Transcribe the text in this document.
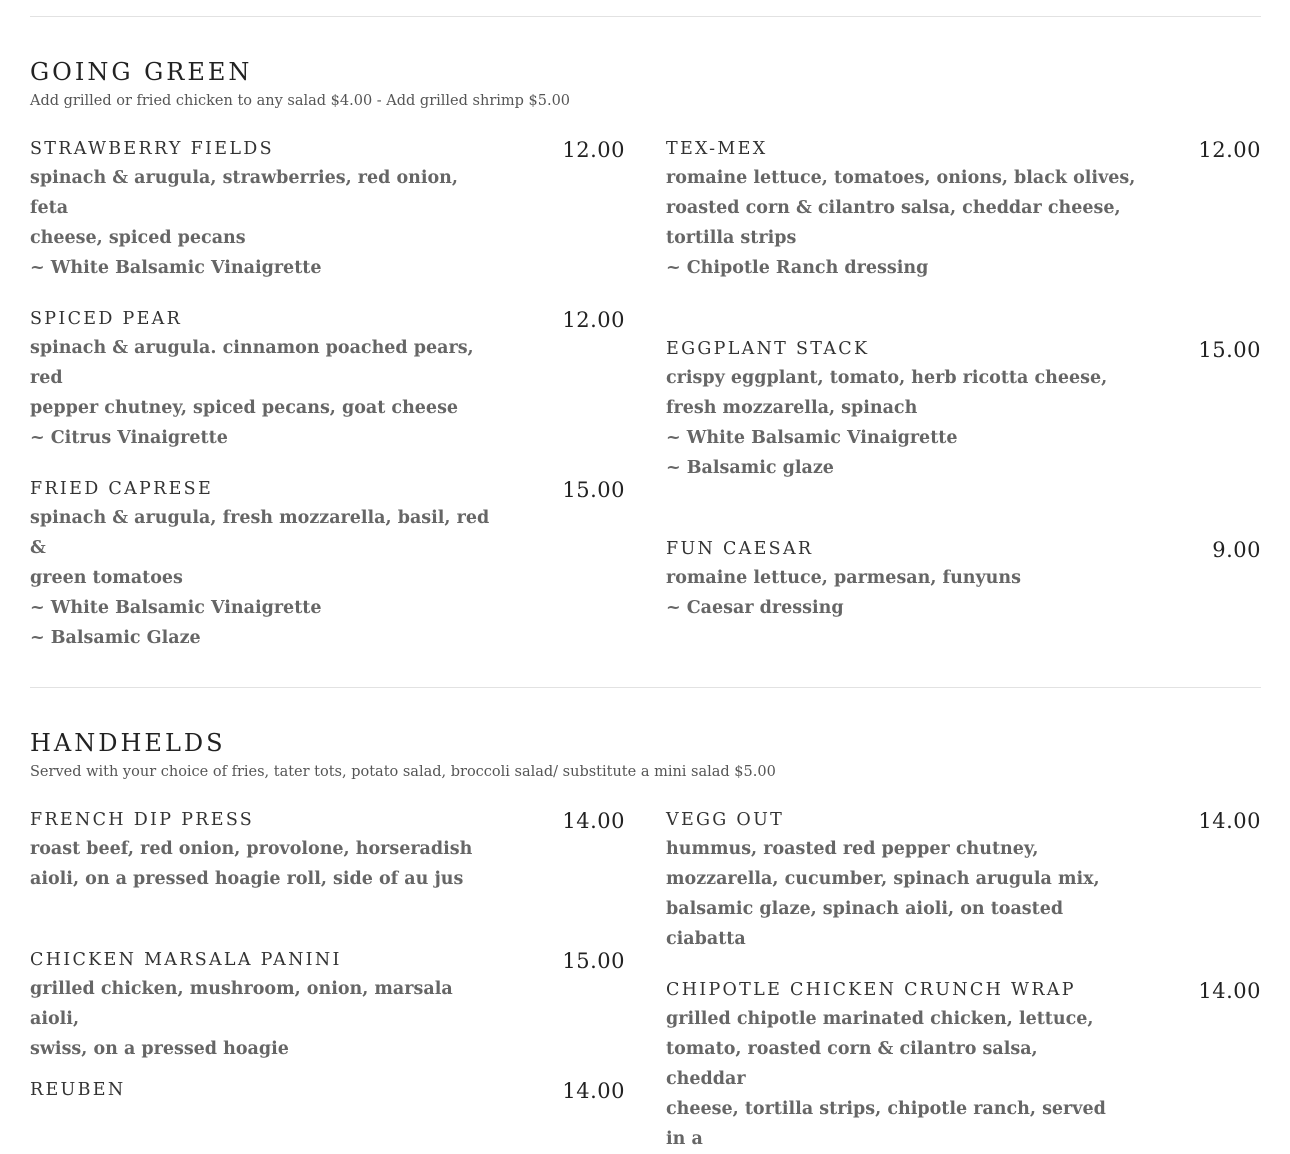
GOING GREEN

Add grilled or fried chicken to any salad $4.00 - Add grilled shrimp $5.00

STRAWBERRY FIELDS	12.00
spinach & arugula, strawberries, red onion, feta
cheese, spiced pecans
~ White Balsamic Vinaigrette
SPICED PEAR	12.00
spinach & arugula. cinnamon poached pears, red
pepper chutney, spiced pecans, goat cheese
~ Citrus Vinaigrette
FRIED CAPRESE	15.00
spinach & arugula, fresh mozzarella, basil, red &
green tomatoes
~ White Balsamic Vinaigrette
~ Balsamic Glaze
TEX-MEX	12.00
romaine lettuce, tomatoes, onions, black olives,
roasted corn & cilantro salsa, cheddar cheese,
tortilla strips
~ Chipotle Ranch dressing
EGGPLANT STACK	15.00
crispy eggplant, tomato, herb ricotta cheese,
fresh mozzarella, spinach
~ White Balsamic Vinaigrette
~ Balsamic glaze
FUN CAESAR	9.00
romaine lettuce, parmesan, funyuns
~ Caesar dressing
HANDHELDS

Served with your choice of fries, tater tots, potato salad, broccoli salad/ substitute a mini salad $5.00

FRENCH DIP PRESS	14.00
roast beef, red onion, provolone, horseradish
aioli, on a pressed hoagie roll, side of au jus
CHICKEN MARSALA PANINI	15.00
grilled chicken, mushroom, onion, marsala aioli,
swiss, on a pressed hoagie
REUBEN	14.00
VEGG OUT	14.00
hummus, roasted red pepper chutney,
mozzarella, cucumber, spinach arugula mix,
balsamic glaze, spinach aioli, on toasted ciabatta
CHIPOTLE CHICKEN CRUNCH WRAP	14.00
grilled chipotle marinated chicken, lettuce,
tomato, roasted corn & cilantro salsa, cheddar
cheese, tortilla strips, chipotle ranch, served in a
